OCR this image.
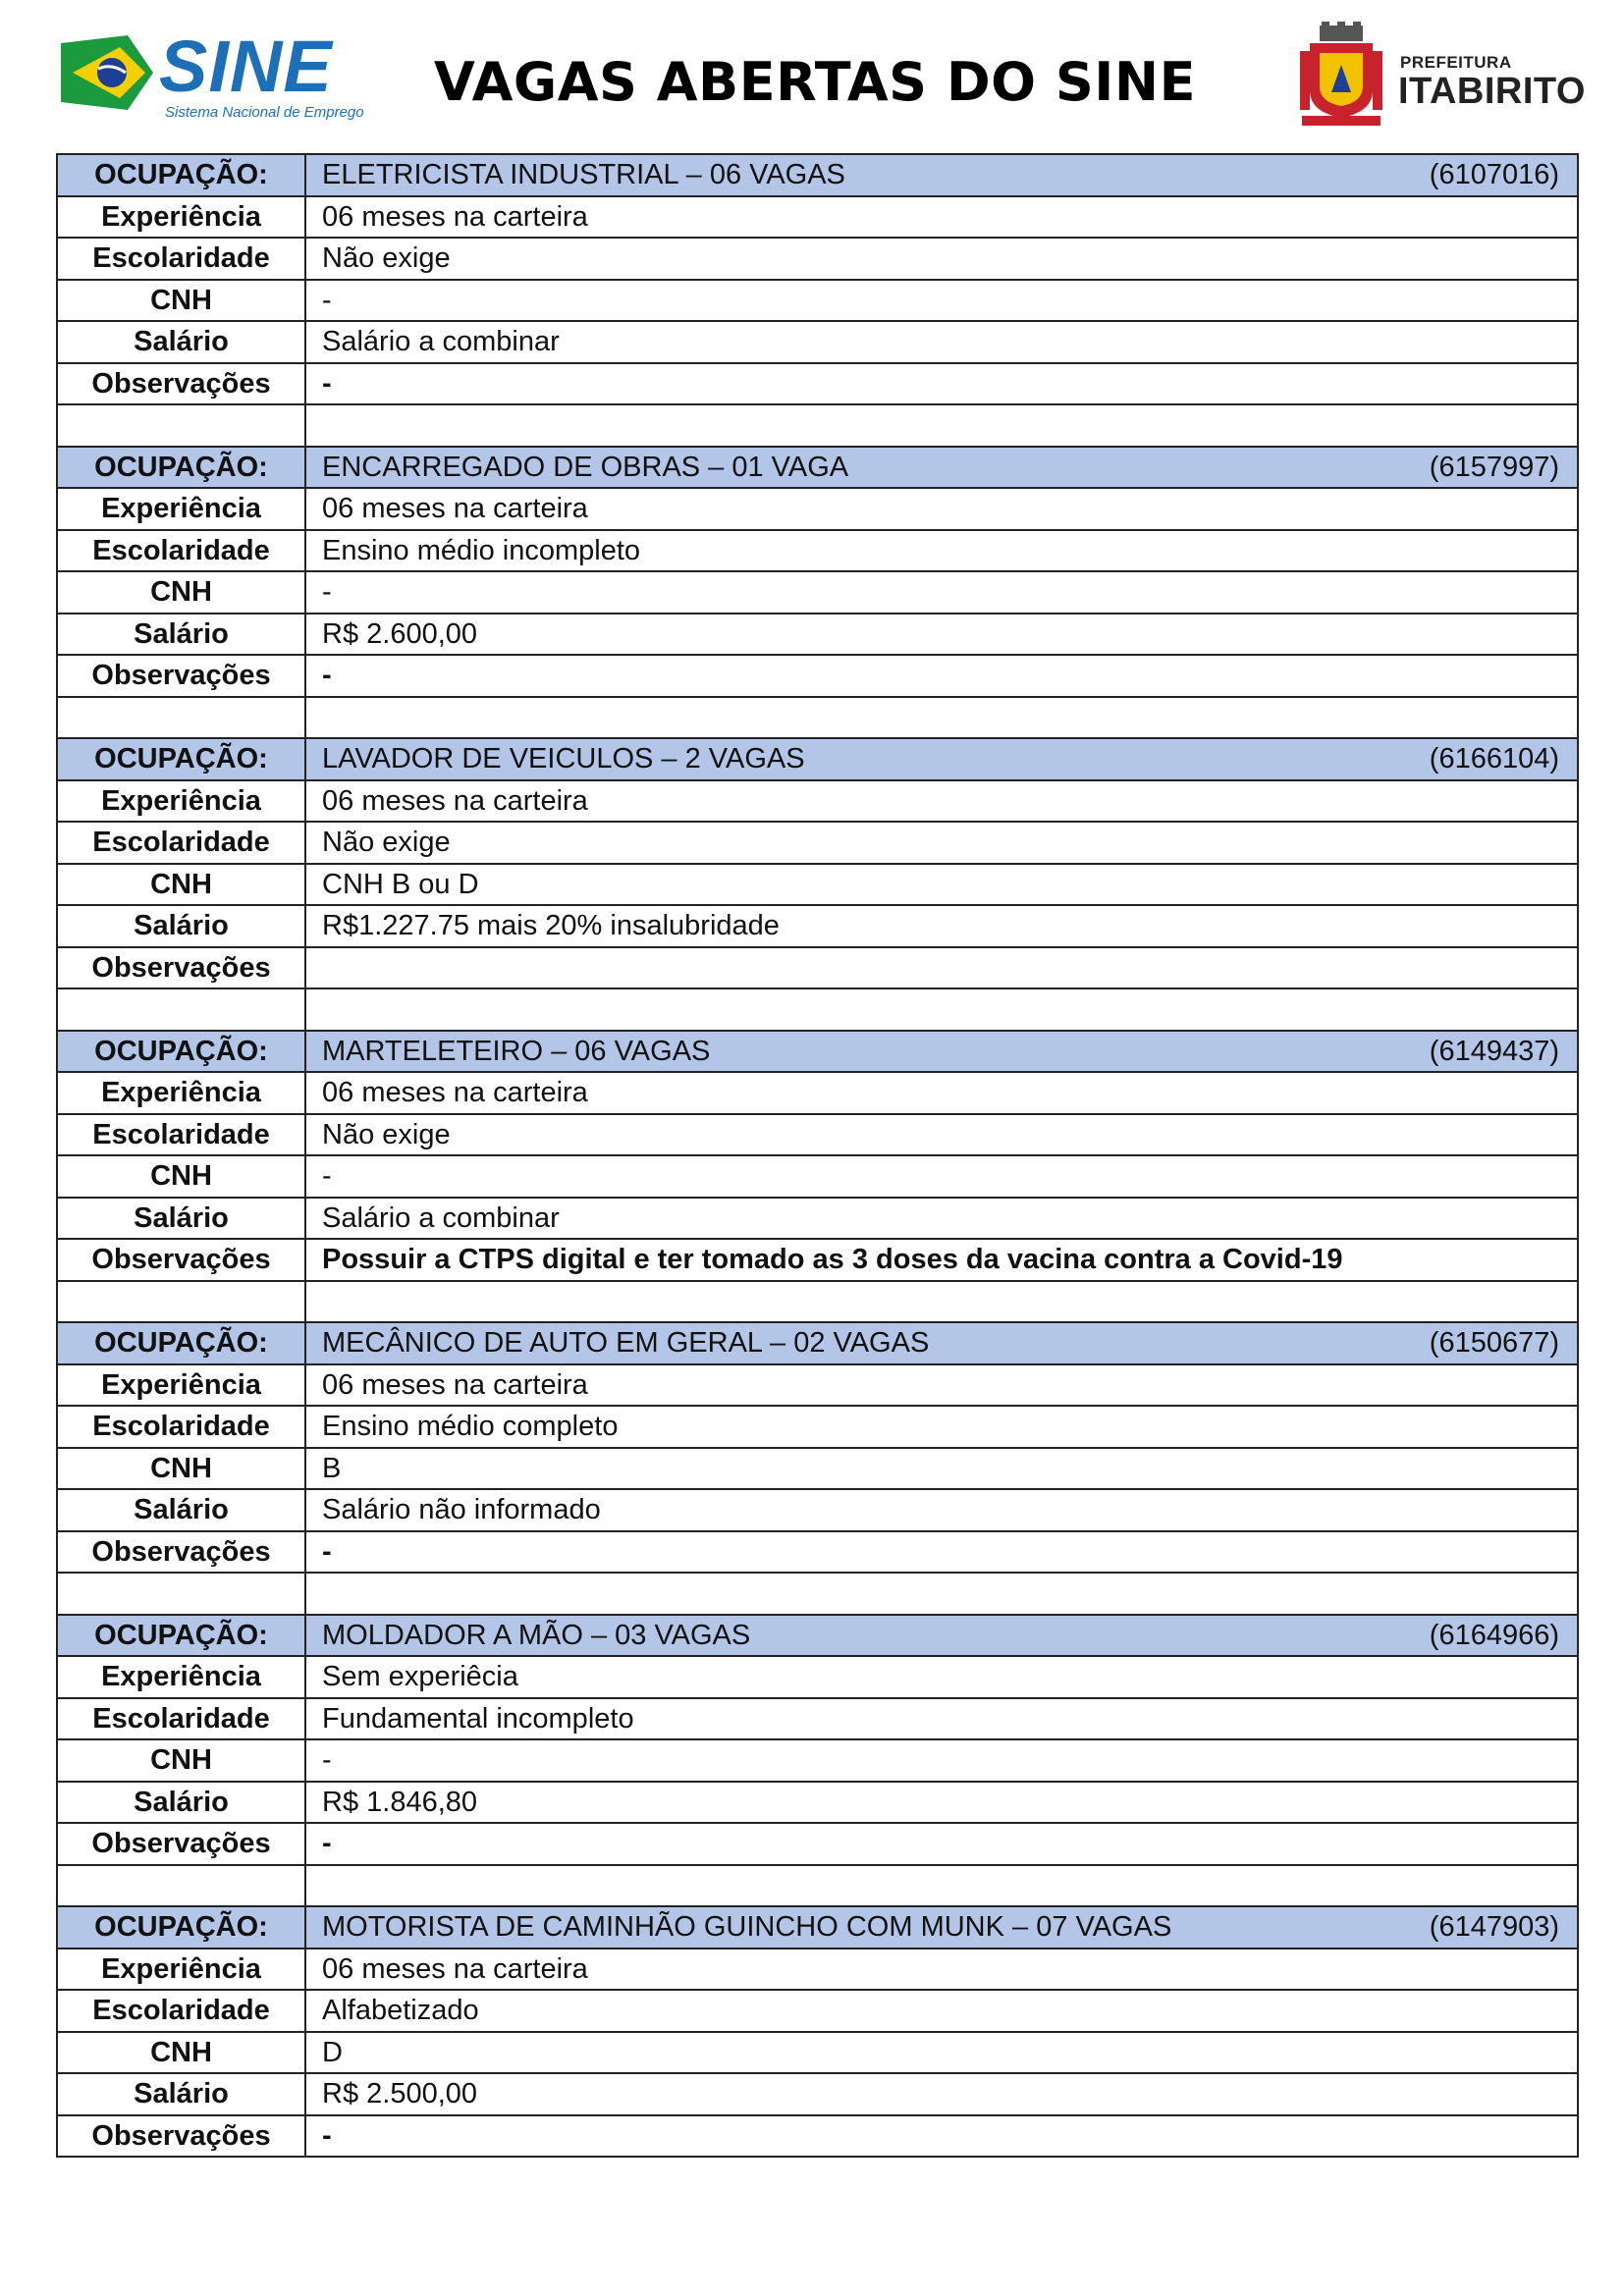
SINE
Sistema Nacional de Emprego VAGAS ABERTAS DO SINE	PREFEITURA
ITABIRITO
OCUPAÇÃO:	ELETRICISTA INDUSTRIAL – 06 VAGAS (6107016)

Experiência	06 meses na carteira
Escolaridade	Não exige
CNH	-
Salário	Salário a combinar
Observações	-

OCUPAÇÃO:	ENCARREGADO DE OBRAS – 01 VAGA (6157997)

Experiência	06 meses na carteira
Escolaridade	Ensino médio incompleto
CNH	-
Salário	R$ 2.600,00
Observações	-

OCUPAÇÃO:	LAVADOR DE VEICULOS – 2 VAGAS (6166104)

Experiência	06 meses na carteira
Escolaridade	Não exige
CNH	CNH B ou D
Salário	R$1.227.75 mais 20% insalubridade
Observações	

OCUPAÇÃO:	MARTELETEIRO – 06 VAGAS (6149437)

Experiência	06 meses na carteira
Escolaridade	Não exige
CNH	-
Salário	Salário a combinar
Observações	Possuir a CTPS digital e ter tomado as 3 doses da vacina contra a Covid-19

OCUPAÇÃO:	MECÂNICO DE AUTO EM GERAL – 02 VAGAS (6150677)

Experiência	06 meses na carteira
Escolaridade	Ensino médio completo
CNH	B
Salário	Salário não informado
Observações	-

OCUPAÇÃO:	MOLDADOR A MÃO – 03 VAGAS (6164966)

Experiência	Sem experiêcia
Escolaridade	Fundamental incompleto
CNH	-
Salário	R$ 1.846,80
Observações	-

OCUPAÇÃO:	MOTORISTA DE CAMINHÃO GUINCHO COM MUNK – 07 VAGAS (6147903)

Experiência	06 meses na carteira
Escolaridade	Alfabetizado
CNH	D
Salário	R$ 2.500,00
Observações	-
